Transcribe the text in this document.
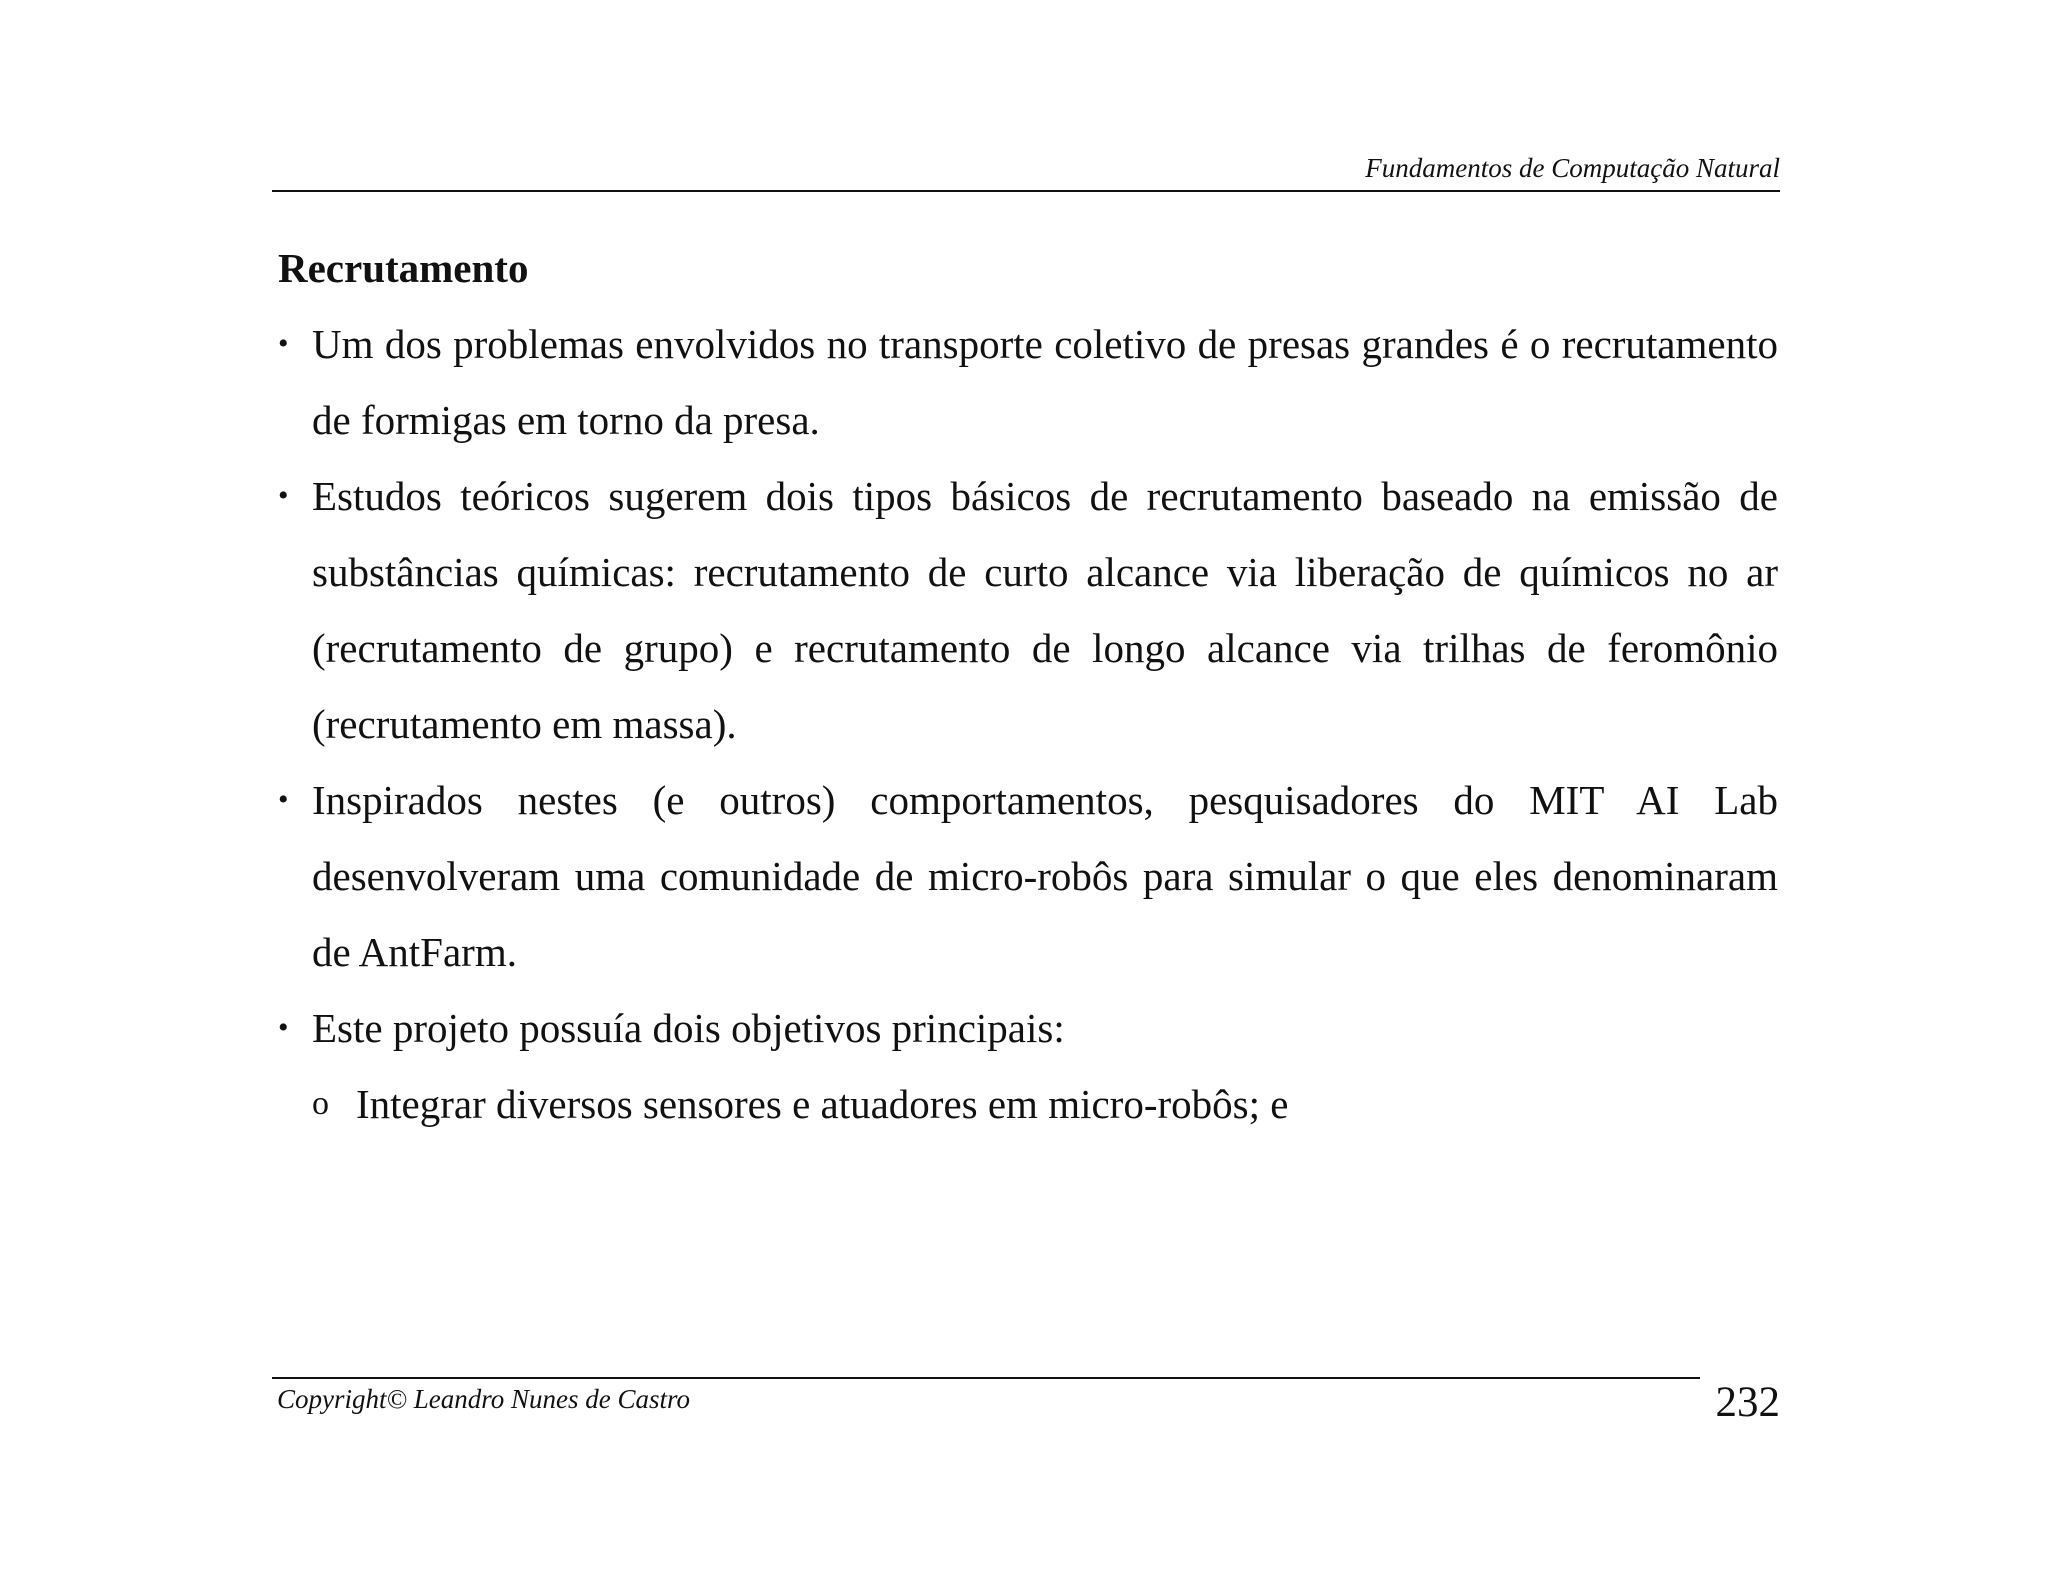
Fundamentos de Computação Natural
Recrutamento
• Um dos problemas envolvidos no transporte coletivo de presas grandes é o recrutamento de formigas em torno da presa.
• Estudos teóricos sugerem dois tipos básicos de recrutamento baseado na emissão de substâncias químicas: recrutamento de curto alcance via liberação de químicos no ar (recrutamento de grupo) e recrutamento de longo alcance via trilhas de feromônio (recrutamento em massa).
• Inspirados nestes (e outros) comportamentos, pesquisadores do MIT AI Lab desenvolveram uma comunidade de micro-robôs para simular o que eles denominaram de AntFarm.
• Este projeto possuía dois objetivos principais:
o Integrar diversos sensores e atuadores em micro-robôs; e
Copyright© Leandro Nunes de Castro	232
